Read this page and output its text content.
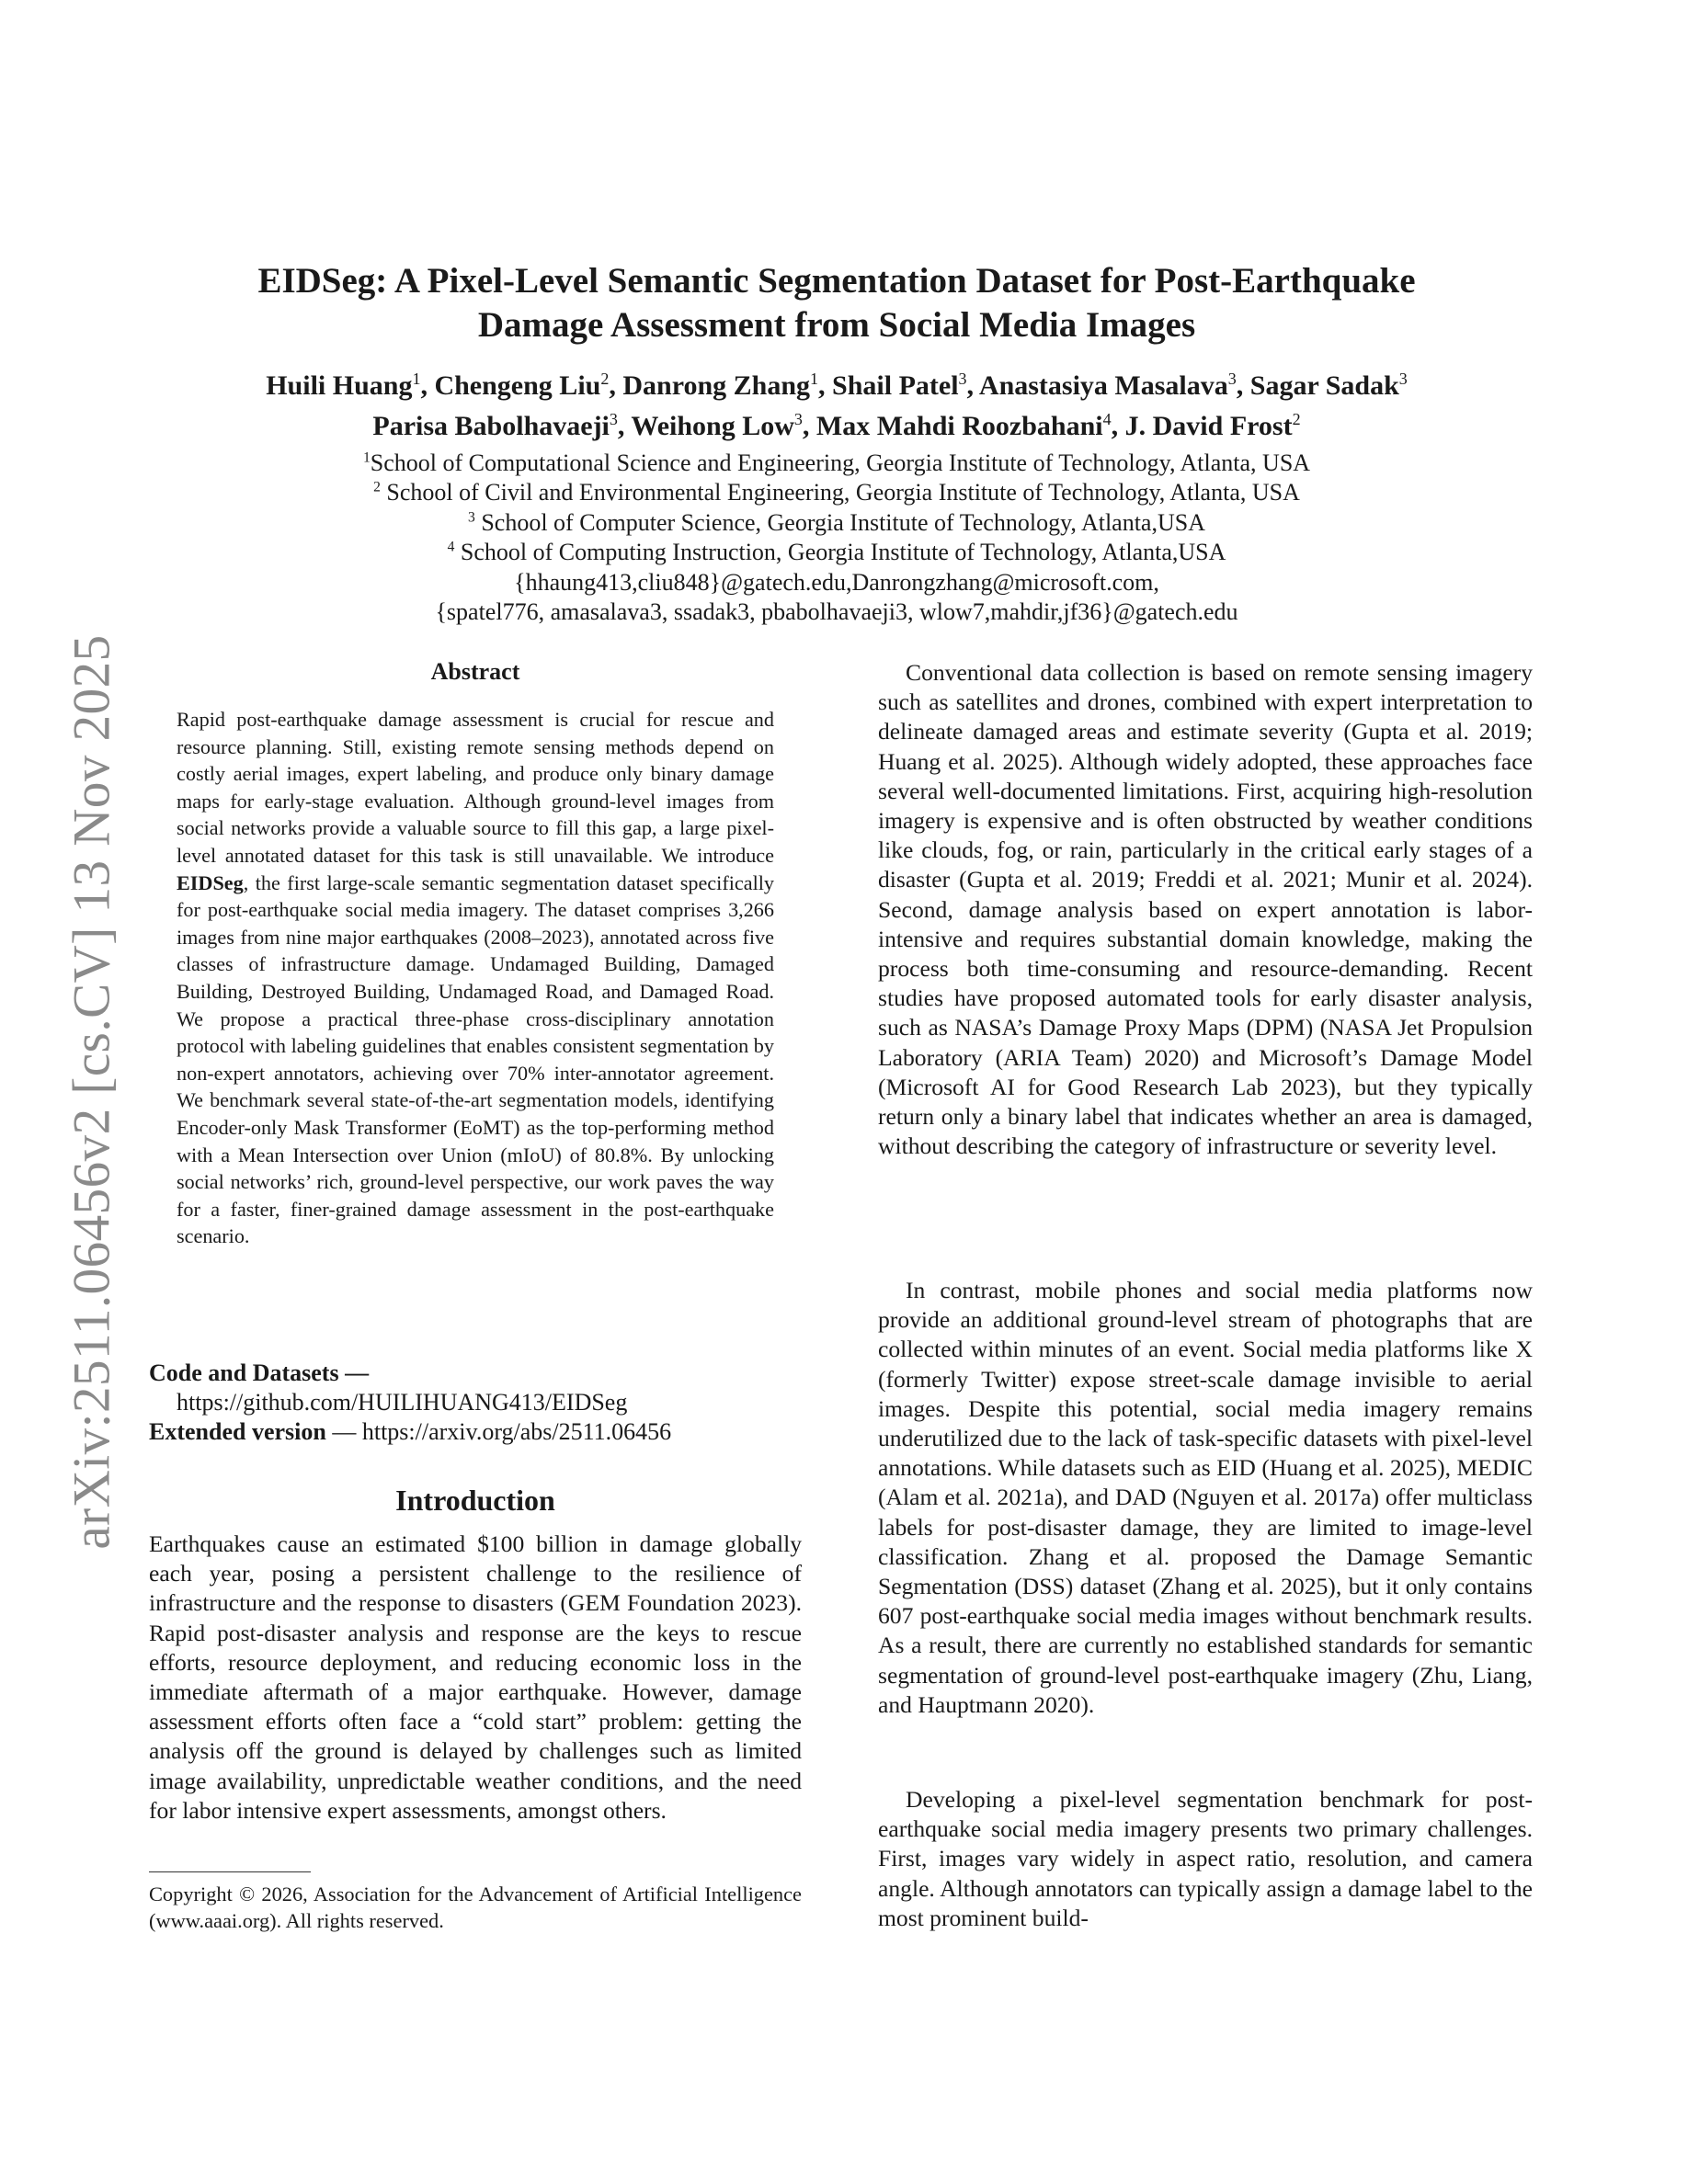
arXiv:2511.06456v2 [cs.CV] 13 Nov 2025
EIDSeg: A Pixel-Level Semantic Segmentation Dataset for Post-Earthquake
Damage Assessment from Social Media Images
Huili Huang$^1$, Chengeng Liu$^2$, Danrong Zhang$^1$, Shail Patel$^3$, Anastasiya Masalava$^3$, Sagar Sadak$^3$
Parisa Babolhavaeji$^3$, Weihong Low$^3$, Max Mahdi Roozbahani$^4$, J. David Frost$^2$
$^1$School of Computational Science and Engineering, Georgia Institute of Technology, Atlanta, USA
$^2$ School of Civil and Environmental Engineering, Georgia Institute of Technology, Atlanta, USA
$^3$ School of Computer Science, Georgia Institute of Technology, Atlanta,USA
$^4$ School of Computing Instruction, Georgia Institute of Technology, Atlanta,USA
{hhaung413,cliu848}@gatech.edu,Danrongzhang@microsoft.com,
{spatel776, amasalava3, ssadak3, pbabolhavaeji3, wlow7,mahdir,jf36}@gatech.edu
Abstract
Rapid post-earthquake damage assessment is crucial for rescue and resource planning. Still, existing remote sensing methods depend on costly aerial images, expert labeling, and produce only binary damage maps for early-stage evaluation. Although ground-level images from social networks provide a valuable source to fill this gap, a large pixel-level annotated dataset for this task is still unavailable. We introduce EIDSeg, the first large-scale semantic segmentation dataset specifically for post-earthquake social media imagery. The dataset comprises 3,266 images from nine major earthquakes (2008–2023), annotated across five classes of infrastructure damage. Undamaged Building, Damaged Building, Destroyed Building, Undamaged Road, and Damaged Road. We propose a practical three-phase cross-disciplinary annotation protocol with labeling guidelines that enables consistent segmentation by non-expert annotators, achieving over 70% inter-annotator agreement. We benchmark several state-of-the-art segmentation models, identifying Encoder-only Mask Transformer (EoMT) as the top-performing method with a Mean Intersection over Union (mIoU) of 80.8%. By unlocking social networks’ rich, ground-level perspective, our work paves the way for a faster, finer-grained damage assessment in the post-earthquake scenario.
Code and Datasets —
https://github.com/HUILIHUANG413/EIDSeg
Extended version — https://arxiv.org/abs/2511.06456
Introduction

Earthquakes cause an estimated $100 billion in damage globally each year, posing a persistent challenge to the resilience of infrastructure and the response to disasters (GEM Foundation 2023). Rapid post-disaster analysis and response are the keys to rescue efforts, resource deployment, and reducing economic loss in the immediate aftermath of a major earthquake. However, damage assessment efforts often face a “cold start” problem: getting the analysis off the ground is delayed by challenges such as limited image availability, unpredictable weather conditions, and the need for labor intensive expert assessments, amongst others.

Copyright © 2026, Association for the Advancement of Artificial Intelligence (www.aaai.org). All rights reserved.

Conventional data collection is based on remote sensing imagery such as satellites and drones, combined with expert interpretation to delineate damaged areas and estimate severity (Gupta et al. 2019; Huang et al. 2025). Although widely adopted, these approaches face several well-documented limitations. First, acquiring high-resolution imagery is expensive and is often obstructed by weather conditions like clouds, fog, or rain, particularly in the critical early stages of a disaster (Gupta et al. 2019; Freddi et al. 2021; Munir et al. 2024). Second, damage analysis based on expert annotation is labor-intensive and requires substantial domain knowledge, making the process both time-consuming and resource-demanding. Recent studies have proposed automated tools for early disaster analysis, such as NASA’s Damage Proxy Maps (DPM) (NASA Jet Propulsion Laboratory (ARIA Team) 2020) and Microsoft’s Damage Model (Microsoft AI for Good Research Lab 2023), but they typically return only a binary label that indicates whether an area is damaged, without describing the category of infrastructure or severity level.

In contrast, mobile phones and social media platforms now provide an additional ground-level stream of photographs that are collected within minutes of an event. Social media platforms like X (formerly Twitter) expose street-scale damage invisible to aerial images. Despite this potential, social media imagery remains underutilized due to the lack of task-specific datasets with pixel-level annotations. While datasets such as EID (Huang et al. 2025), MEDIC (Alam et al. 2021a), and DAD (Nguyen et al. 2017a) offer multiclass labels for post-disaster damage, they are limited to image-level classification. Zhang et al. proposed the Damage Semantic Segmentation (DSS) dataset (Zhang et al. 2025), but it only contains 607 post-earthquake social media images without benchmark results. As a result, there are currently no established standards for semantic segmentation of ground-level post-earthquake imagery (Zhu, Liang, and Hauptmann 2020).

Developing a pixel-level segmentation benchmark for post-earthquake social media imagery presents two primary challenges. First, images vary widely in aspect ratio, resolution, and camera angle. Although annotators can typically assign a damage label to the most prominent build-
